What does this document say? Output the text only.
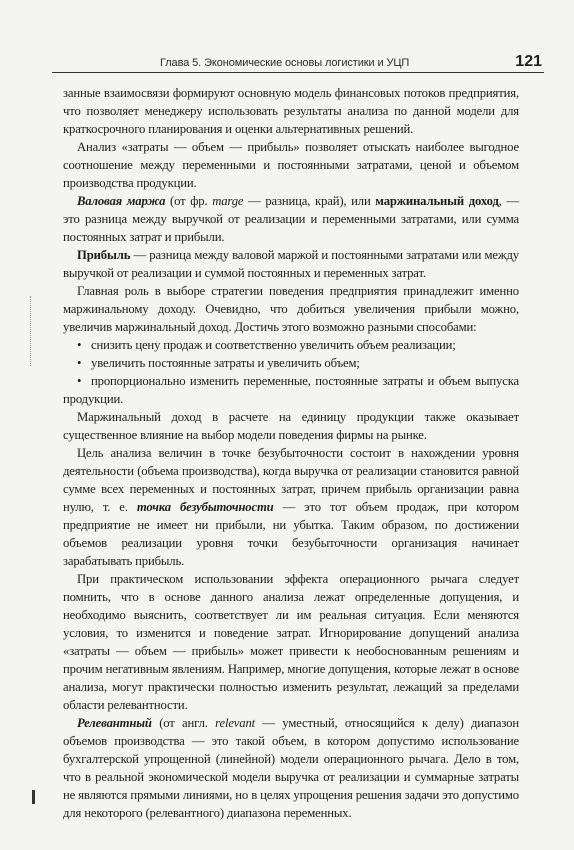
Глава 5. Экономические основы логистики и УЦП	121

занные взаимосвязи формируют основную модель финансовых потоков предприятия, что позволяет менеджеру использовать результаты анализа по данной модели для краткосрочного планирования и оценки альтернативных решений.

Анализ «затраты — объем — прибыль» позволяет отыскать наиболее выгодное соотношение между переменными и постоянными затратами, ценой и объемом производства продукции.

Валовая маржа (от фр. marge — разница, край), или маржинальный доход, — это разница между выручкой от реализации и переменными затратами, или сумма постоянных затрат и прибыли.

Прибыль — разница между валовой маржой и постоянными затратами или между выручкой от реализации и суммой постоянных и переменных затрат.

Главная роль в выборе стратегии поведения предприятия принадлежит именно маржинальному доходу. Очевидно, что добиться увеличения прибыли можно, увеличив маржинальный доход. Достичь этого возможно разными способами:

• снизить цену продаж и соответственно увеличить объем реализации;
• увеличить постоянные затраты и увеличить объем;
• пропорционально изменить переменные, постоянные затраты и объем выпуска продукции.

Маржинальный доход в расчете на единицу продукции также оказывает существенное влияние на выбор модели поведения фирмы на рынке.

Цель анализа величин в точке безубыточности состоит в нахождении уровня деятельности (объема производства), когда выручка от реализации становится равной сумме всех переменных и постоянных затрат, причем прибыль организации равна нулю, т. е. точка безубыточности — это тот объем продаж, при котором предприятие не имеет ни прибыли, ни убытка. Таким образом, по достижении объемов реализации уровня точки безубыточности организация начинает зарабатывать прибыль.

При практическом использовании эффекта операционного рычага следует помнить, что в основе данного анализа лежат определенные допущения, и необходимо выяснить, соответствует ли им реальная ситуация. Если меняются условия, то изменится и поведение затрат. Игнорирование допущений анализа «затраты — объем — прибыль» может привести к необоснованным решениям и прочим негативным явлениям. Например, многие допущения, которые лежат в основе анализа, могут практически полностью изменить результат, лежащий за пределами области релевантности.

Релевантный (от англ. relevant — уместный, относящийся к делу) диапазон объемов производства — это такой объем, в котором допустимо использование бухгалтерской упрощенной (линейной) модели операционного рычага. Дело в том, что в реальной экономической модели выручка от реализации и суммарные затраты не являются прямыми линиями, но в целях упрощения решения задачи это допустимо для некоторого (релевантного) диапазона переменных.
